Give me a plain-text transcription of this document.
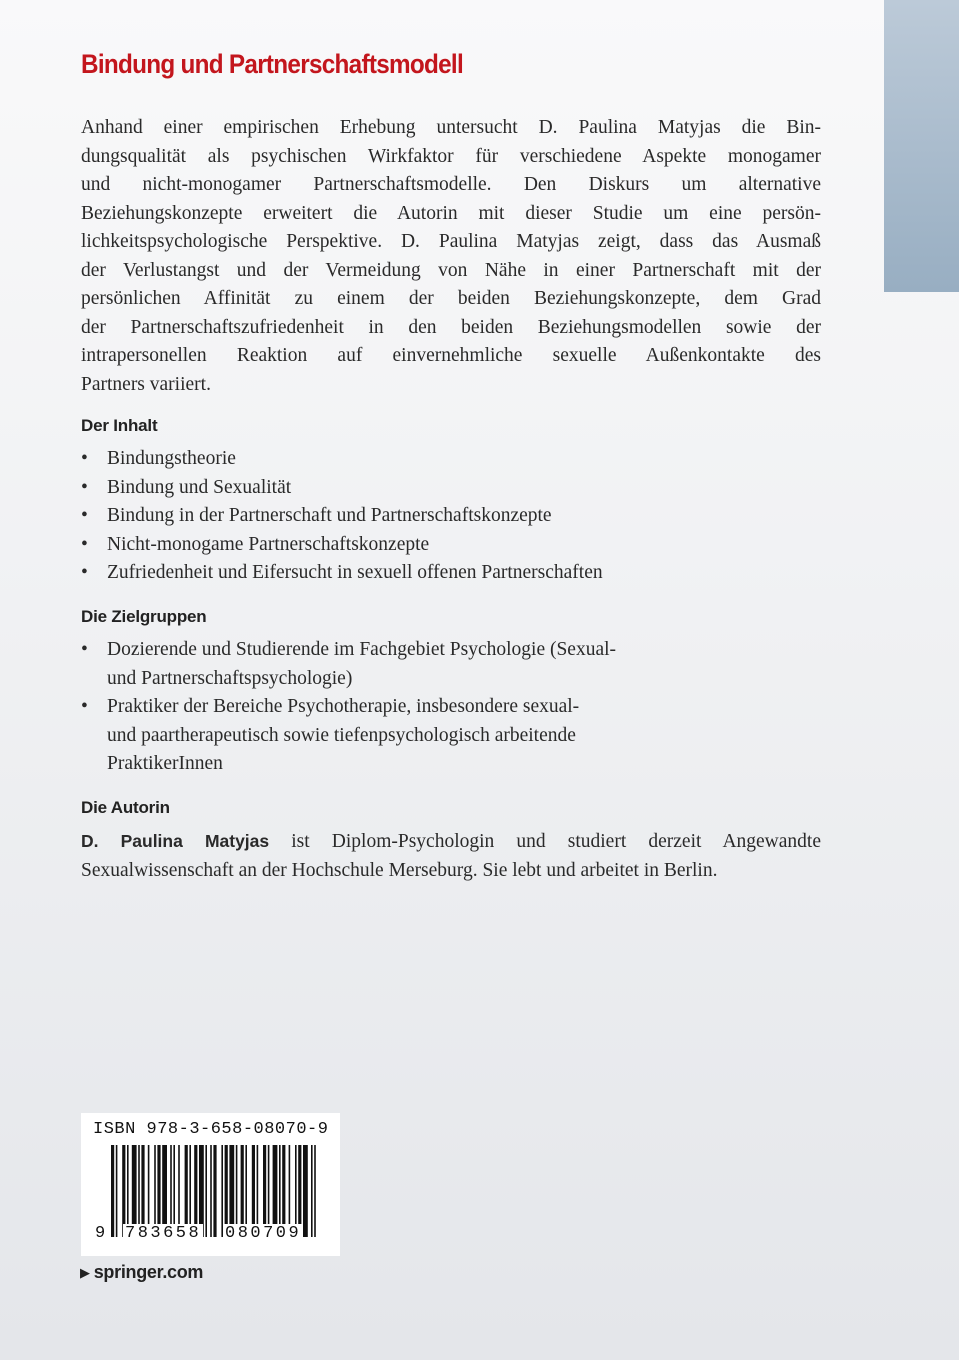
Bindung und Partnerschaftsmodell
Anhand einer empirischen Erhebung untersucht D. Paulina Matyjas die Bin-
dungsqualität als psychischen Wirkfaktor für verschiedene Aspekte monogamer
und nicht-monogamer Partnerschaftsmodelle. Den Diskurs um alternative
Beziehungskonzepte erweitert die Autorin mit dieser Studie um eine persön-
lichkeitspsychologische Perspektive. D. Paulina Matyjas zeigt, dass das Ausmaß
der Verlustangst und der Vermeidung von Nähe in einer Partnerschaft mit der
persönlichen Affinität zu einem der beiden Beziehungskonzepte, dem Grad
der Partnerschaftszufriedenheit in den beiden Beziehungsmodellen sowie der
intrapersonellen Reaktion auf einvernehmliche sexuelle Außenkontakte des
Partners variiert.
Der Inhalt
• Bindungstheorie
• Bindung und Sexualität
• Bindung in der Partnerschaft und Partnerschaftskonzepte
• Nicht-monogame Partnerschaftskonzepte
• Zufriedenheit und Eifersucht in sexuell offenen Partnerschaften
Die Zielgruppen
• Dozierende und Studierende im Fachgebiet Psychologie (Sexual-
und Partnerschaftspsychologie)
• Praktiker der Bereiche Psychotherapie, insbesondere sexual-
und paartherapeutisch sowie tiefenpsychologisch arbeitende
PraktikerInnen
Die Autorin
D. Paulina Matyjas ist Diplom-Psychologin und studiert derzeit Angewandte
Sexualwissenschaft an der Hochschule Merseburg. Sie lebt und arbeitet in Berlin.
ISBN 978-3-658-08070-9
9 783658 080709
▶ springer.com
